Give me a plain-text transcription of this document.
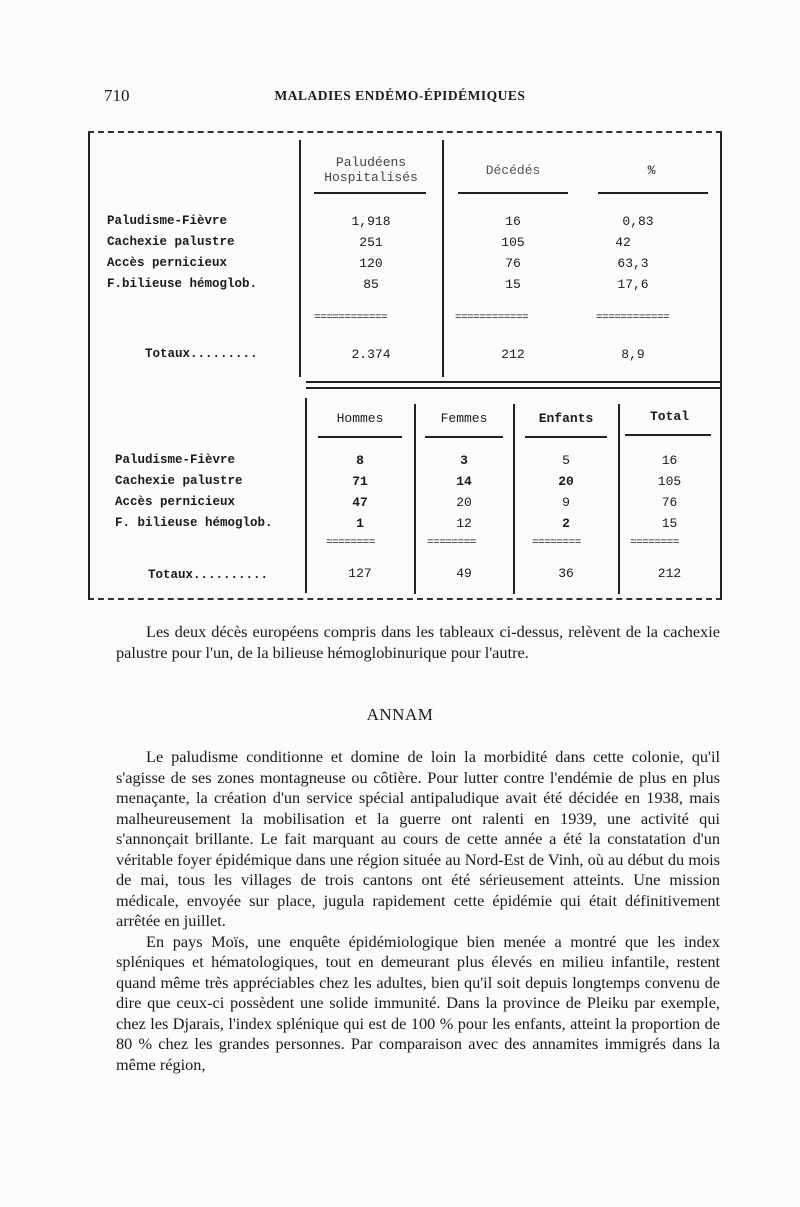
710	MALADIES ENDÉMO-ÉPIDÉMIQUES
Paludéens
Hospitalisés	Décédés	%
Paludisme-Fièvre	1,918	16	0,83
Cachexie palustre	251	105	42
Accès pernicieux	120	76	63,3
F.bilieuse hémoglob.	85	15	17,6
============	============	============
Totaux.........	2.374	212	8,9
Hommes	Femmes	Enfants	Total
Paludisme-Fièvre	8	3	5	16
Cachexie palustre	71	14	20	105
Accès pernicieux	47	20	9	76
F. bilieuse hémoglob.	1	12	2	15
========	========	========	========
Totaux..........	127	49	36	212

Les deux décès européens compris dans les tableaux ci-dessus, relèvent de la cachexie palustre pour l'un, de la bilieuse hémoglobinurique pour l'autre.

ANNAM

Le paludisme conditionne et domine de loin la morbidité dans cette colonie, qu'il s'agisse de ses zones montagneuse ou côtière. Pour lutter contre l'endémie de plus en plus menaçante, la création d'un service spécial antipaludique avait été décidée en 1938, mais malheureusement la mobilisation et la guerre ont ralenti en 1939, une activité qui s'annonçait brillante. Le fait marquant au cours de cette année a été la constatation d'un véritable foyer épidémique dans une région située au Nord-Est de Vinh, où au début du mois de mai, tous les villages de trois cantons ont été sérieusement atteints. Une mission médicale, envoyée sur place, jugula rapidement cette épidémie qui était définitivement arrêtée en juillet.

En pays Moïs, une enquête épidémiologique bien menée a montré que les index spléniques et hématologiques, tout en demeurant plus élevés en milieu infantile, restent quand même très appréciables chez les adultes, bien qu'il soit depuis longtemps convenu de dire que ceux-ci possèdent une solide immunité. Dans la province de Pleiku par exemple, chez les Djarais, l'index splénique qui est de 100 % pour les enfants, atteint la proportion de 80 % chez les grandes personnes. Par comparaison avec des annamites immigrés dans la même région,
